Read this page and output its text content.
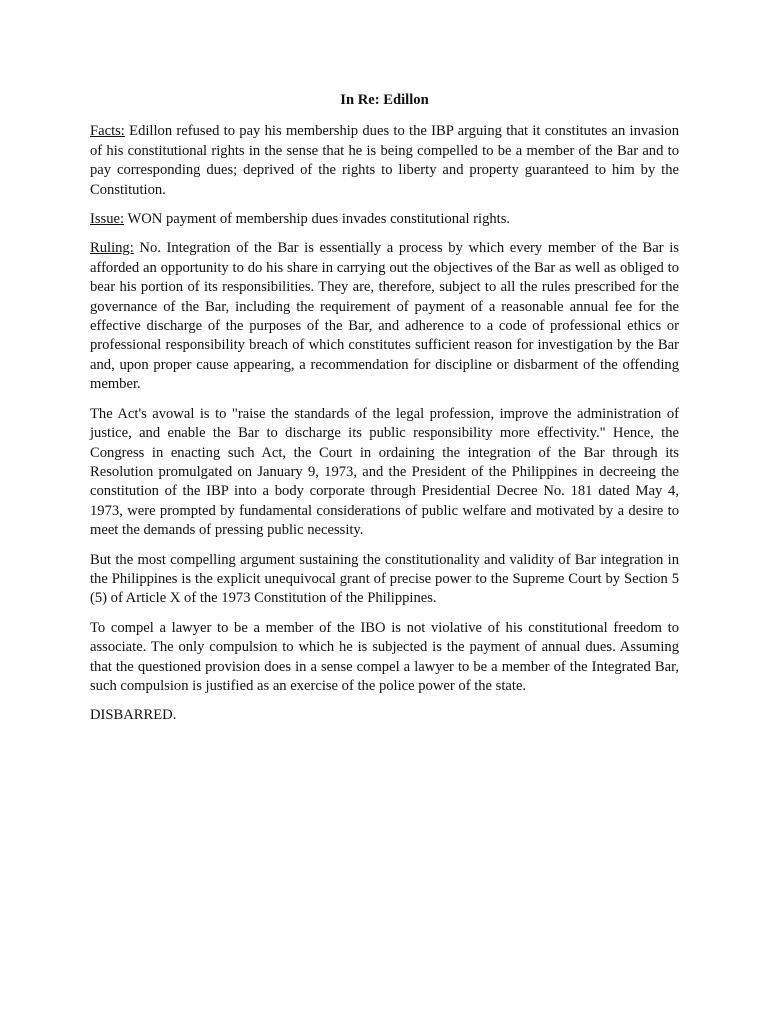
In Re: Edillon

Facts: Edillon refused to pay his membership dues to the IBP arguing that it constitutes an invasion of his constitutional rights in the sense that he is being compelled to be a member of the Bar and to pay corresponding dues; deprived of the rights to liberty and property guaranteed to him by the Constitution.

Issue: WON payment of membership dues invades constitutional rights.

Ruling: No. Integration of the Bar is essentially a process by which every member of the Bar is afforded an opportunity to do his share in carrying out the objectives of the Bar as well as obliged to bear his portion of its responsibilities. They are, therefore, subject to all the rules prescribed for the governance of the Bar, including the requirement of payment of a reasonable annual fee for the effective discharge of the purposes of the Bar, and adherence to a code of professional ethics or professional responsibility breach of which constitutes sufficient reason for investigation by the Bar and, upon proper cause appearing, a recommendation for discipline or disbarment of the offending member.

The Act's avowal is to "raise the standards of the legal profession, improve the administration of justice, and enable the Bar to discharge its public responsibility more effectivity." Hence, the Congress in enacting such Act, the Court in ordaining the integration of the Bar through its Resolution promulgated on January 9, 1973, and the President of the Philippines in decreeing the constitution of the IBP into a body corporate through Presidential Decree No. 181 dated May 4, 1973, were prompted by fundamental considerations of public welfare and motivated by a desire to meet the demands of pressing public necessity.

But the most compelling argument sustaining the constitutionality and validity of Bar integration in the Philippines is the explicit unequivocal grant of precise power to the Supreme Court by Section 5 (5) of Article X of the 1973 Constitution of the Philippines.

To compel a lawyer to be a member of the IBO is not violative of his constitutional freedom to associate. The only compulsion to which he is subjected is the payment of annual dues. Assuming that the questioned provision does in a sense compel a lawyer to be a member of the Integrated Bar, such compulsion is justified as an exercise of the police power of the state.

DISBARRED.
